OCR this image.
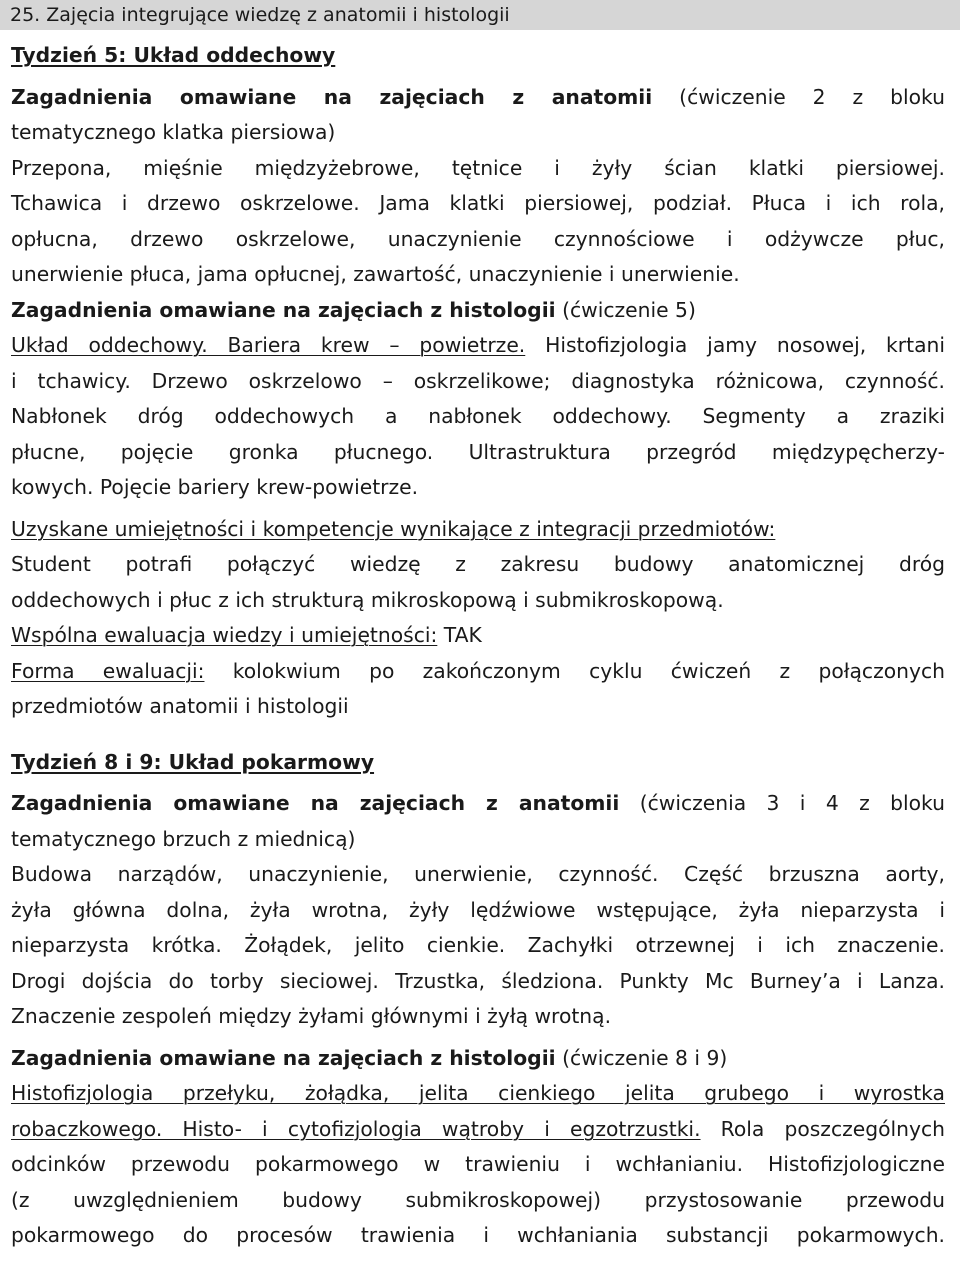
25. Zajęcia integrujące wiedzę z anatomii i histologii
Tydzień 5: Układ oddechowy
Zagadnienia omawiane na zajęciach z anatomii (ćwiczenie 2 z bloku
tematycznego klatka piersiowa)
Przepona, mięśnie międzyżebrowe, tętnice i żyły ścian klatki piersiowej.
Tchawica i drzewo oskrzelowe. Jama klatki piersiowej, podział. Płuca i ich rola,
opłucna, drzewo oskrzelowe, unaczynienie czynnościowe i odżywcze płuc,
unerwienie płuca, jama opłucnej, zawartość, unaczynienie i unerwienie.
Zagadnienia omawiane na zajęciach z histologii (ćwiczenie 5)
Układ oddechowy. Bariera krew – powietrze. Histofizjologia jamy nosowej, krtani
i tchawicy. Drzewo oskrzelowo – oskrzelikowe; diagnostyka różnicowa, czynność.
Nabłonek dróg oddechowych a nabłonek oddechowy. Segmenty a zraziki
płucne, pojęcie gronka płucnego. Ultrastruktura przegród międzypęcherzy-
kowych. Pojęcie bariery krew-powietrze.
Uzyskane umiejętności i kompetencje wynikające z integracji przedmiotów:
Student potrafi połączyć wiedzę z zakresu budowy anatomicznej dróg
oddechowych i płuc z ich strukturą mikroskopową i submikroskopową.
Wspólna ewaluacja wiedzy i umiejętności: TAK
Forma ewaluacji: kolokwium po zakończonym cyklu ćwiczeń z połączonych
przedmiotów anatomii i histologii
Tydzień 8 i 9: Układ pokarmowy
Zagadnienia omawiane na zajęciach z anatomii (ćwiczenia 3 i 4 z bloku
tematycznego brzuch z miednicą)
Budowa narządów, unaczynienie, unerwienie, czynność. Część brzuszna aorty,
żyła główna dolna, żyła wrotna, żyły lędźwiowe wstępujące, żyła nieparzysta i
nieparzysta krótka. Żołądek, jelito cienkie. Zachyłki otrzewnej i ich znaczenie.
Drogi dojścia do torby sieciowej. Trzustka, śledziona. Punkty Mc Burney’a i Lanza.
Znaczenie zespoleń między żyłami głównymi i żyłą wrotną.
Zagadnienia omawiane na zajęciach z histologii (ćwiczenie 8 i 9)
Histofizjologia przełyku, żołądka, jelita cienkiego jelita grubego i wyrostka
robaczkowego. Histo- i cytofizjologia wątroby i egzotrzustki. Rola poszczególnych
odcinków przewodu pokarmowego w trawieniu i wchłanianiu. Histofizjologiczne
(z uwzględnieniem budowy submikroskopowej) przystosowanie przewodu
pokarmowego do procesów trawienia i wchłaniania substancji pokarmowych.
